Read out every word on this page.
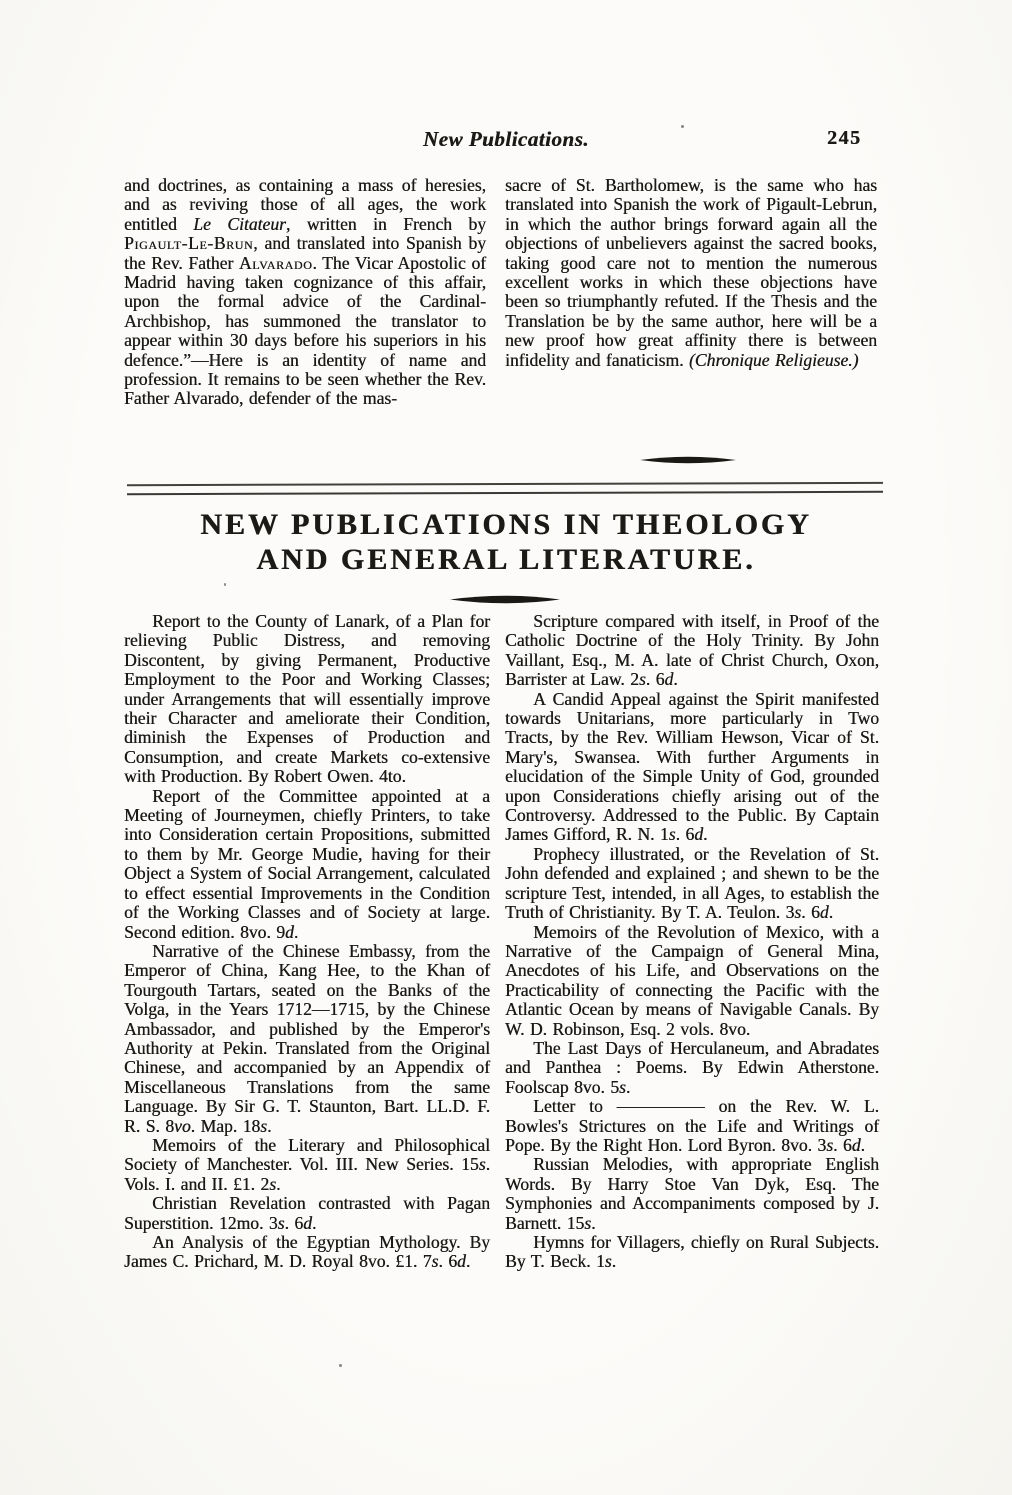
New Publications.	245

and doctrines, as containing a mass of heresies, and as reviving those of all ages, the work entitled Le Citateur, written in French by Pigault-Le-Brun, and translated into Spanish by the Rev. Father Alvarado. The Vicar Apostolic of Madrid having taken cognizance of this affair, upon the formal advice of the Cardinal-Archbishop, has summoned the translator to appear within 30 days before his superiors in his defence.”—Here is an identity of name and profession. It remains to be seen whether the Rev. Father Alvarado, defender of the mas-

sacre of St. Bartholomew, is the same who has translated into Spanish the work of Pigault-Lebrun, in which the author brings forward again all the objections of unbelievers against the sacred books, taking good care not to mention the numerous excellent works in which these objections have been so triumphantly refuted. If the Thesis and the Translation be by the same author, here will be a new proof how great affinity there is between infidelity and fanaticism. (Chronique Religieuse.)

NEW PUBLICATIONS IN THEOLOGY
AND GENERAL LITERATURE.

Report to the County of Lanark, of a Plan for relieving Public Distress, and removing Discontent, by giving Permanent, Productive Employment to the Poor and Working Classes; under Arrangements that will essentially improve their Character and ameliorate their Condition, diminish the Expenses of Production and Consumption, and create Markets co-extensive with Production. By Robert Owen. 4to.

Report of the Committee appointed at a Meeting of Journeymen, chiefly Printers, to take into Consideration certain Propositions, submitted to them by Mr. George Mudie, having for their Object a System of Social Arrangement, calculated to effect essential Improvements in the Condition of the Working Classes and of Society at large. Second edition. 8vo. 9d.

Narrative of the Chinese Embassy, from the Emperor of China, Kang Hee, to the Khan of Tourgouth Tartars, seated on the Banks of the Volga, in the Years 1712—1715, by the Chinese Ambassador, and published by the Emperor's Authority at Pekin. Translated from the Original Chinese, and accompanied by an Appendix of Miscellaneous Translations from the same Language. By Sir G. T. Staunton, Bart. LL.D. F. R. S. 8vo. Map. 18s.

Memoirs of the Literary and Philosophical Society of Manchester. Vol. III. New Series. 15s. Vols. I. and II. £1. 2s.

Christian Revelation contrasted with Pagan Superstition. 12mo. 3s. 6d.

An Analysis of the Egyptian Mythology. By James C. Prichard, M. D. Royal 8vo. £1. 7s. 6d.

Scripture compared with itself, in Proof of the Catholic Doctrine of the Holy Trinity. By John Vaillant, Esq., M. A. late of Christ Church, Oxon, Barrister at Law. 2s. 6d.

A Candid Appeal against the Spirit manifested towards Unitarians, more particularly in Two Tracts, by the Rev. William Hewson, Vicar of St. Mary's, Swansea. With further Arguments in elucidation of the Simple Unity of God, grounded upon Considerations chiefly arising out of the Controversy. Addressed to the Public. By Captain James Gifford, R. N. 1s. 6d.

Prophecy illustrated, or the Revelation of St. John defended and explained ; and shewn to be the scripture Test, intended, in all Ages, to establish the Truth of Christianity. By T. A. Teulon. 3s. 6d.

Memoirs of the Revolution of Mexico, with a Narrative of the Campaign of General Mina, Anecdotes of his Life, and Observations on the Practicability of connecting the Pacific with the Atlantic Ocean by means of Navigable Canals. By W. D. Robinson, Esq. 2 vols. 8vo.

The Last Days of Herculaneum, and Abradates and Panthea : Poems. By Edwin Atherstone. Foolscap 8vo. 5s.

Letter to ————— on the Rev. W. L. Bowles's Strictures on the Life and Writings of Pope. By the Right Hon. Lord Byron. 8vo. 3s. 6d.

Russian Melodies, with appropriate English Words. By Harry Stoe Van Dyk, Esq. The Symphonies and Accompaniments composed by J. Barnett. 15s.

Hymns for Villagers, chiefly on Rural Subjects. By T. Beck. 1s.
